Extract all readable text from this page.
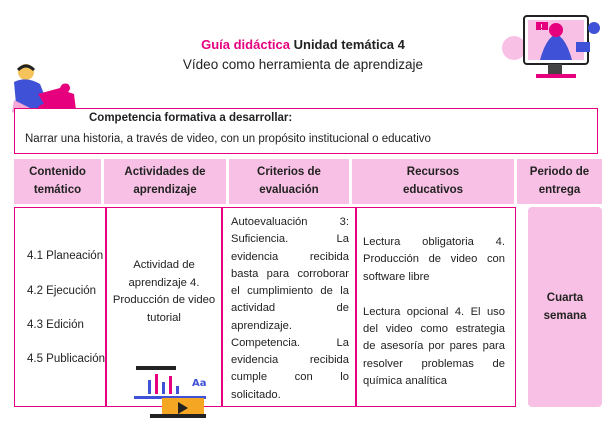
Guía didáctica Unidad temática 4
Vídeo como herramienta de aprendizaje
!
Competencia formativa a desarrollar:
Narrar una historia, a través de video, con un propósito institucional o educativo
Contenido temático
Actividades de aprendizaje
Criterios de evaluación
Recursos educativos
Periodo de entrega
4.1 Planeación
4.2 Ejecución
4.3 Edición
4.5 Publicación
Actividad de aprendizaje 4. Producción de video tutorial
Autoevaluación 3: Suficiencia. La evidencia recibida basta para corroborar el cumplimiento de la actividad de aprendizaje. Competencia. La evidencia recibida cumple con lo solicitado.

Lectura obligatoria 4. Producción de video con software libre

Lectura opcional 4. El uso del video como estrategia de asesoría por pares para resolver problemas de química analítica

Cuarta semana
Aa
